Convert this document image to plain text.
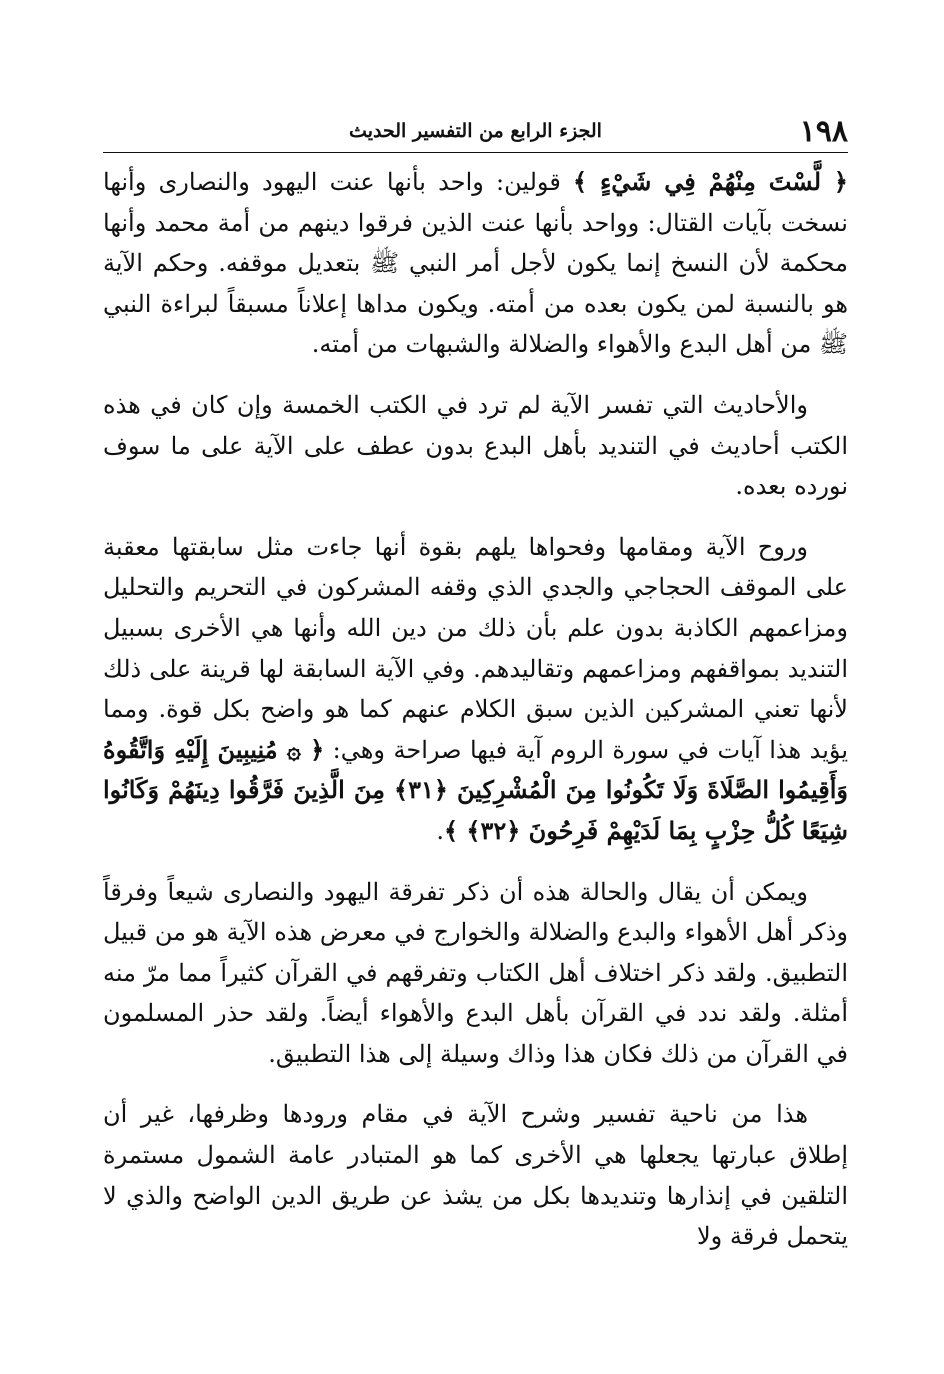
١٩٨
الجزء الرابع من التفسير الحديث

﴿ لَّسْتَ مِنْهُمْ فِي شَيْءٍ ﴾ قولين: واحد بأنها عنت اليهود والنصارى وأنها نسخت بآيات القتال: وواحد بأنها عنت الذين فرقوا دينهم من أمة محمد وأنها محكمة لأن النسخ إنما يكون لأجل أمر النبي ﷺ بتعديل موقفه. وحكم الآية هو بالنسبة لمن يكون بعده من أمته. ويكون مداها إعلاناً مسبقاً لبراءة النبي ﷺ من أهل البدع والأهواء والضلالة والشبهات من أمته.

والأحاديث التي تفسر الآية لم ترد في الكتب الخمسة وإن كان في هذه الكتب أحاديث في التنديد بأهل البدع بدون عطف على الآية على ما سوف نورده بعده.

وروح الآية ومقامها وفحواها يلهم بقوة أنها جاءت مثل سابقتها معقبة على الموقف الحجاجي والجدي الذي وقفه المشركون في التحريم والتحليل ومزاعمهم الكاذبة بدون علم بأن ذلك من دين الله وأنها هي الأخرى بسبيل التنديد بمواقفهم ومزاعمهم وتقاليدهم. وفي الآية السابقة لها قرينة على ذلك لأنها تعني المشركين الذين سبق الكلام عنهم كما هو واضح بكل قوة. ومما يؤيد هذا آيات في سورة الروم آية فيها صراحة وهي: ﴿ ۞ مُنِيبِينَ إِلَيْهِ وَاتَّقُوهُ وَأَقِيمُوا الصَّلَاةَ وَلَا تَكُونُوا مِنَ الْمُشْرِكِينَ ﴿٣١﴾ مِنَ الَّذِينَ فَرَّقُوا دِينَهُمْ وَكَانُوا شِيَعًا كُلُّ حِزْبٍ بِمَا لَدَيْهِمْ فَرِحُونَ ﴿٣٢﴾ ﴾.

ويمكن أن يقال والحالة هذه أن ذكر تفرقة اليهود والنصارى شيعاً وفرقاً وذكر أهل الأهواء والبدع والضلالة والخوارج في معرض هذه الآية هو من قبيل التطبيق. ولقد ذكر اختلاف أهل الكتاب وتفرقهم في القرآن كثيراً مما مرّ منه أمثلة. ولقد ندد في القرآن بأهل البدع والأهواء أيضاً. ولقد حذر المسلمون في القرآن من ذلك فكان هذا وذاك وسيلة إلى هذا التطبيق.

هذا من ناحية تفسير وشرح الآية في مقام ورودها وظرفها، غير أن إطلاق عبارتها يجعلها هي الأخرى كما هو المتبادر عامة الشمول مستمرة التلقين في إنذارها وتنديدها بكل من يشذ عن طريق الدين الواضح والذي لا يتحمل فرقة ولا
